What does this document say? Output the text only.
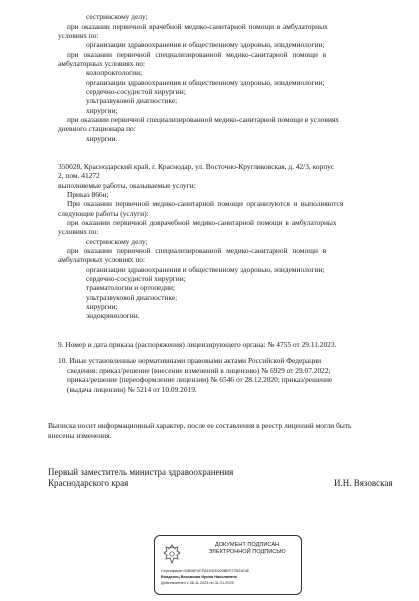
сестринскому делу;
при оказании первичной врачебной медико-санитарной помощи в амбулаторных
условиях по:
организации здравоохранения и общественному здоровью, эпидемиологии;
при оказании первичной специализированной медико-санитарной помощи в
амбулаторных условиях по:
колопроктологии;
организации здравоохранения и общественному здоровью, эпидемиологии;
сердечно-сосудистой хирургии;
ультразвуковой диагностике;
хирургии;
при оказании первичной специализированной медико-санитарной помощи в условиях
дневного стационара по:
хирургии.
350028, Краснодарский край, г. Краснодар, ул. Восточно-Кругликовская, д. 42/3, корпус
2, пом. 41272
выполняемые работы, оказываемые услуги:
Приказ 866н;
При оказании первичной медико-санитарной помощи организуются и выполняются
следующие работы (услуги):
при оказании первичной доврачебной медико-санитарной помощи в амбулаторных
условиях по:
сестринскому делу;
при оказании первичной специализированной медико-санитарной помощи в
амбулаторных условиях по:
организации здравоохранения и общественному здоровью, эпидемиологии;
сердечно-сосудистой хирургии;
травматологии и ортопедии;
ультразвуковой диагностике;
хирургии;
эндокринологии.
9. Номер и дата приказа (распоряжения) лицензирующего органа: № 4755 от 29.11.2023.
10. Иные установленные нормативными правовыми актами Российской Федерации
сведения: приказ/решение (внесение изменений в лицензию) № 6929 от 29.07.2022;
приказ/решение (переоформление лицензии) № 6546 от 28.12.2020; приказ/решение
(выдача лицензии) № 5214 от 10.09.2019.
Выписка носит информационный характер, после ее составления в реестр лицензий могли быть
внесены изменения.
Первый заместитель министра здравоохранения
Краснодарского края	И.Н. Вязовская
ДОКУМЕНТ ПОДПИСАН
ЭЛЕКТРОННОЙ ПОДПИСЬЮ
Сертификат 00B06F4CFA4932D200BEF27B21E4E
Владелец Вязовская Ирина Николаевна
Действителен с 08.11.2023 по 31.01.2025
